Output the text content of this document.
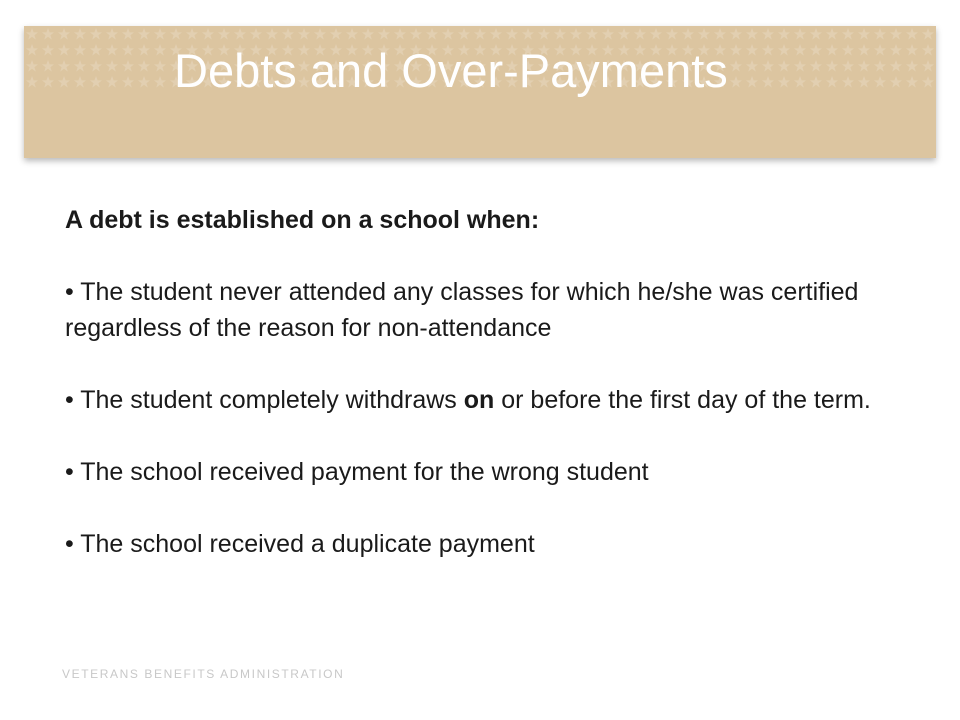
Debts and Over-Payments

A debt is established on a school when:

• The student never attended any classes for which he/she was certified regardless of the reason for non-attendance

• The student completely withdraws on or before the first day of the term.

• The school received payment for the wrong student

• The school received a duplicate payment

VETERANS BENEFITS ADMINISTRATION
